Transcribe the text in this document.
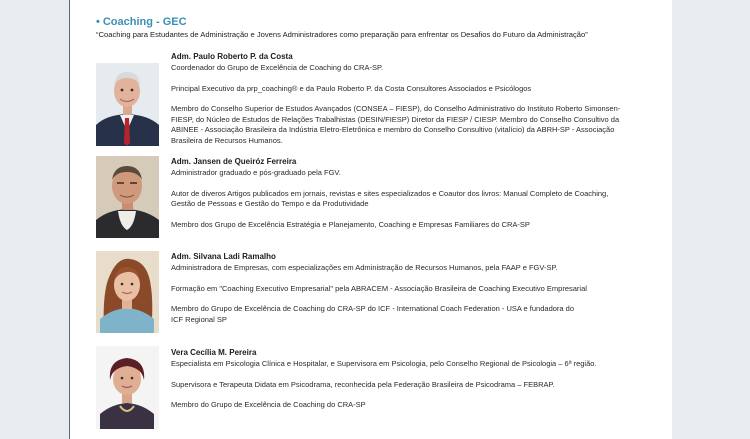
• Coaching - GEC
“Coaching para Estudantes de Administração e Jovens Administradores como preparação para enfrentar os Desafios do Futuro da Administração”

Adm. Paulo Roberto P. da Costa

Coordenador do Grupo de Excelência de Coaching do CRA-SP.

Principal Executivo da prp_coaching® e da Paulo Roberto P. da Costa Consultores Associados e Psicólogos

Membro do Conselho Superior de Estudos Avançados (CONSEA – FIESP), do Conselho Administrativo do Instituto Roberto Simonsen-

FIESP, do Núcleo de Estudos de Relações Trabalhistas (DESIN/FIESP) Diretor da FIESP / CIESP. Membro do Conselho Consultivo da

ABINEE - Associação Brasileira da Indústria Eletro-Eletrônica e membro do Conselho Consultivo (vitalício) da ABRH-SP - Associação

Brasileira de Recursos Humanos.

Adm. Jansen de Queiróz Ferreira

Administrador graduado e pós-graduado pela FGV.

Autor de diveros Artigos publicados em jornais, revistas e sites especializados e Coautor dos livros: Manual Completo de Coaching,

Gestão de Pessoas e Gestão do Tempo e da Produtividade

Membro dos Grupo de Excelência Estratégia e Planejamento, Coaching e Empresas Familiares do CRA-SP

Adm. Silvana Ladi Ramalho

Administradora de Empresas, com especializações em Administração de Recursos Humanos, pela FAAP e FGV-SP.

Formação em "Coaching Executivo Empresarial" pela ABRACEM - Associação Brasileira de Coaching Executivo Empresarial

Membro do Grupo de Excelência de Coaching do CRA-SP do ICF - International Coach Federation - USA e fundadora do

ICF Regional SP

Vera Cecília M. Pereira

Especialista em Psicologia Clínica e Hospitalar, e Supervisora em Psicologia, pelo Conselho Regional de Psicologia – 6ª região.

Supervisora e Terapeuta Didata em Psicodrama, reconhecida pela Federação Brasileira de Psicodrama – FEBRAP.

Membro do Grupo de Excelência de Coaching do CRA-SP
